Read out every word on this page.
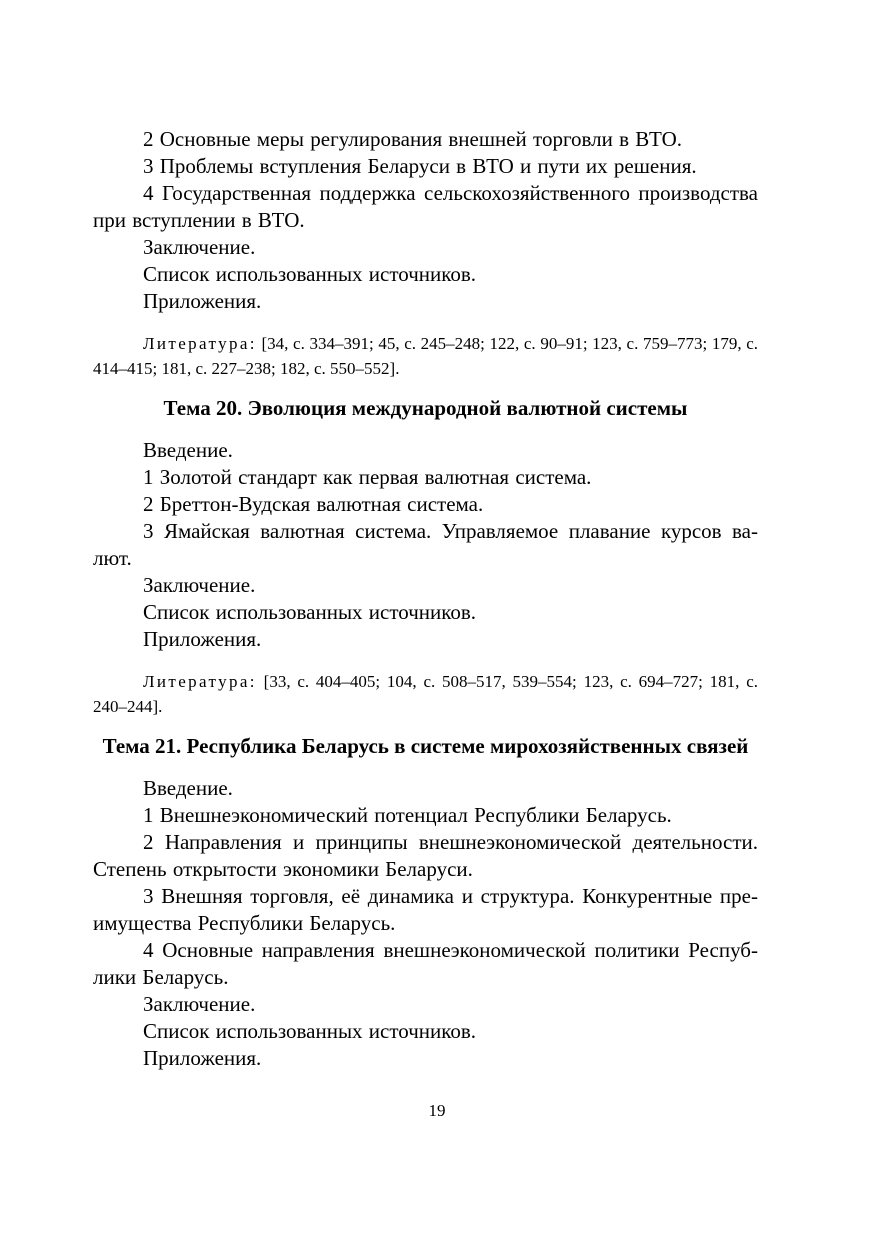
2 Основные меры регулирования внешней торговли в ВТО.

3 Проблемы вступления Беларуси в ВТО и пути их решения.

4 Государственная поддержка сельскохозяйственного производства при вступлении в ВТО.

Заключение.

Список использованных источников.

Приложения.

Литература: [34, с. 334–391; 45, с. 245–248; 122, с. 90–91; 123, с. 759–773; 179, с. 414–415; 181, с. 227–238; 182, с. 550–552].

Тема 20. Эволюция международной валютной системы

Введение.

1 Золотой стандарт как первая валютная система.

2 Бреттон-Вудская валютная система.

3 Ямайская валютная система. Управляемое плавание курсов валют.

Заключение.

Список использованных источников.

Приложения.

Литература: [33, с. 404–405; 104, с. 508–517, 539–554; 123, с. 694–727; 181, с. 240–244].

Тема 21. Республика Беларусь в системе мирохозяйственных связей

Введение.

1 Внешнеэкономический потенциал Республики Беларусь.

2 Направления и принципы внешнеэкономической деятельности. Степень открытости экономики Беларуси.

3 Внешняя торговля, её динамика и структура. Конкурентные преимущества Республики Беларусь.

4 Основные направления внешнеэкономической политики Республики Беларусь.

Заключение.

Список использованных источников.

Приложения.

19
